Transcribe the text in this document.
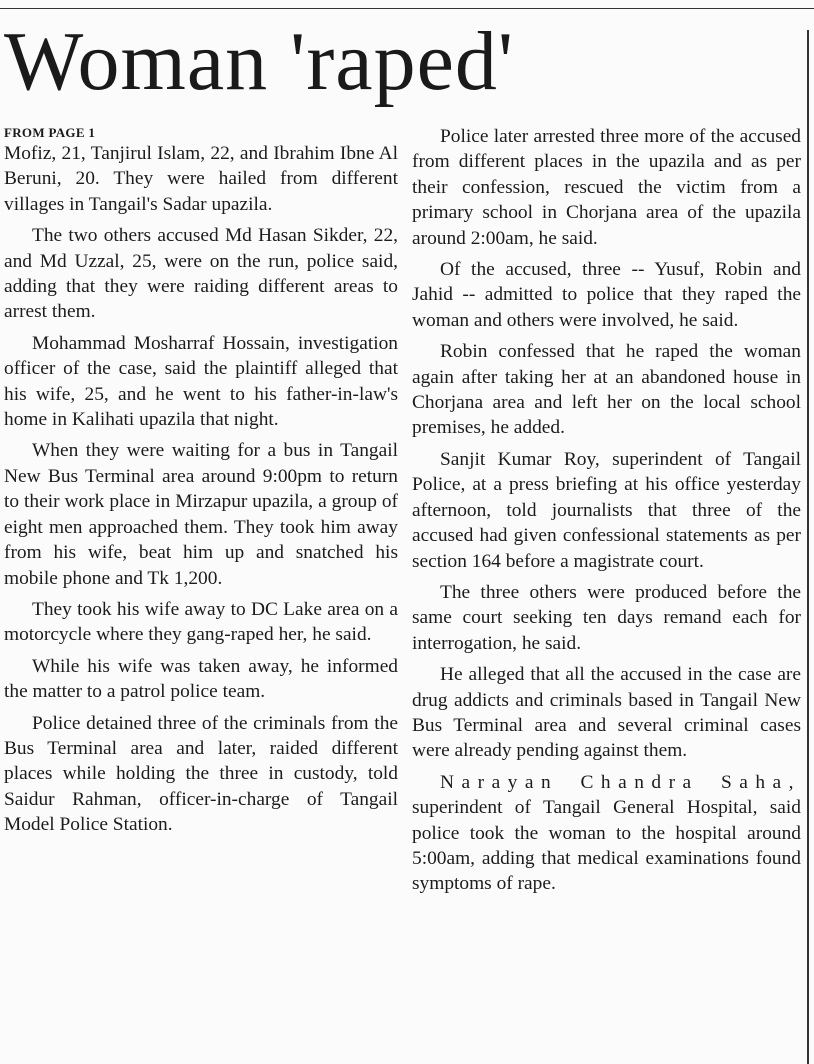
Woman 'raped'

FROM PAGE 1

Mofiz, 21, Tanjirul Islam, 22, and Ibrahim Ibne Al Beruni, 20. They were hailed from different villages in Tangail's Sadar upazila.

The two others accused Md Hasan Sikder, 22, and Md Uzzal, 25, were on the run, police said, adding that they were raiding different areas to arrest them.

Mohammad Mosharraf Hossain, investigation officer of the case, said the plaintiff alleged that his wife, 25, and he went to his father-in-law's home in Kalihati upazila that night.

When they were waiting for a bus in Tangail New Bus Terminal area around 9:00pm to return to their work place in Mirzapur upazila, a group of eight men approached them. They took him away from his wife, beat him up and snatched his mobile phone and Tk 1,200.

They took his wife away to DC Lake area on a motorcycle where they gang-raped her, he said.

While his wife was taken away, he informed the matter to a patrol police team.

Police detained three of the criminals from the Bus Terminal area and later, raided different places while holding the three in custody, told Saidur Rahman, officer-in-charge of Tangail Model Police Station.

Police later arrested three more of the accused from different places in the upazila and as per their confession, rescued the victim from a primary school in Chorjana area of the upazila around 2:00am, he said.

Of the accused, three -- Yusuf, Robin and Jahid -- admitted to police that they raped the woman and others were involved, he said.

Robin confessed that he raped the woman again after taking her at an abandoned house in Chorjana area and left her on the local school premises, he added.

Sanjit Kumar Roy, superindent of Tangail Police, at a press briefing at his office yesterday afternoon, told journalists that three of the accused had given confessional statements as per section 164 before a magistrate court.

The three others were produced before the same court seeking ten days remand each for interrogation, he said.

He alleged that all the accused in the case are drug addicts and criminals based in Tangail New Bus Terminal area and several criminal cases were already pending against them.

Narayan Chandra Saha, superindent of Tangail General Hospital, said police took the woman to the hospital around 5:00am, adding that medical examinations found symptoms of rape.
